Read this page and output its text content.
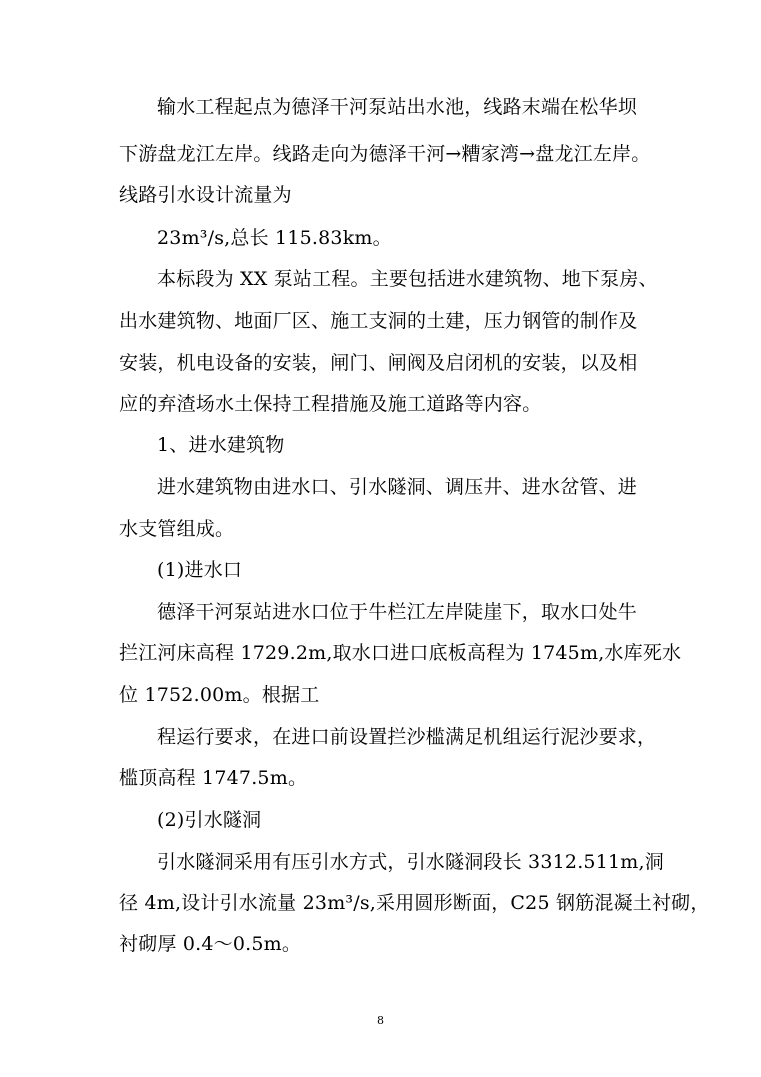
输水工程起点为德泽干河泵站出水池，线路末端在松华坝
下游盘龙江左岸。线路走向为德泽干河→糟家湾→盘龙江左岸。
线路引水设计流量为
23m³/s,总长 115.83km。
本标段为 XX 泵站工程。主要包括进水建筑物、地下泵房、
出水建筑物、地面厂区、施工支洞的土建，压力钢管的制作及
安装，机电设备的安装，闸门、闸阀及启闭机的安装，以及相
应的弃渣场水土保持工程措施及施工道路等内容。
1、进水建筑物
进水建筑物由进水口、引水隧洞、调压井、进水岔管、进
水支管组成。
(1)进水口
德泽干河泵站进水口位于牛栏江左岸陡崖下，取水口处牛
拦江河床高程 1729.2m,取水口进口底板高程为 1745m,水库死水
位 1752.00m。根据工
程运行要求，在进口前设置拦沙槛满足机组运行泥沙要求，
槛顶高程 1747.5m。
(2)引水隧洞
引水隧洞采用有压引水方式，引水隧洞段长 3312.511m,洞
径 4m,设计引水流量 23m³/s,采用圆形断面，C25 钢筋混凝土衬砌，
衬砌厚 0.4～0.5m。
8
